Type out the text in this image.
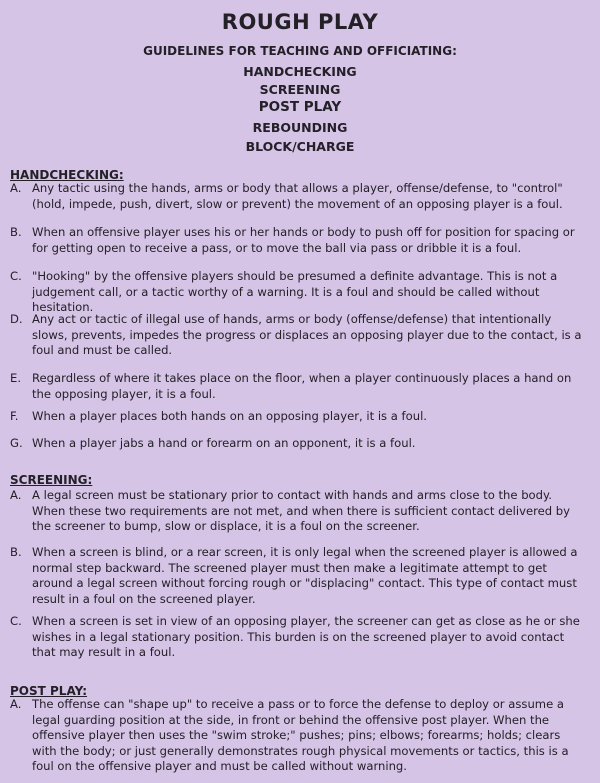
ROUGH PLAY
GUIDELINES FOR TEACHING AND OFFICIATING:
HANDCHECKING
SCREENING
POST PLAY
REBOUNDING
BLOCK/CHARGE
HANDCHECKING:
A. Any tactic using the hands, arms or body that allows a player, offense/defense, to "control" (hold, impede, push, divert, slow or prevent) the movement of an opposing player is a foul.
B. When an offensive player uses his or her hands or body to push off for position for spacing or for getting open to receive a pass, or to move the ball via pass or dribble it is a foul.
C. "Hooking" by the offensive players should be presumed a definite advantage. This is not a judgement call, or a tactic worthy of a warning. It is a foul and should be called without hesitation.
D. Any act or tactic of illegal use of hands, arms or body (offense/defense) that intentionally slows, prevents, impedes the progress or displaces an opposing player due to the contact, is a foul and must be called.
E. Regardless of where it takes place on the floor, when a player continuously places a hand on the opposing player, it is a foul.
F.	When a player places both hands on an opposing player, it is a foul.
G. When a player jabs a hand or forearm on an opponent, it is a foul.
SCREENING:
A. A legal screen must be stationary prior to contact with hands and arms close to the body. When these two requirements are not met, and when there is sufficient contact delivered by the screener to bump, slow or displace, it is a foul on the screener.
B. When a screen is blind, or a rear screen, it is only legal when the screened player is allowed a normal step backward. The screened player must then make a legitimate attempt to get around a legal screen without forcing rough or "displacing" contact. This type of contact must result in a foul on the screened player.
C. When a screen is set in view of an opposing player, the screener can get as close as he or she wishes in a legal stationary position. This burden is on the screened player to avoid contact that may result in a foul.
POST PLAY:
A. The offense can "shape up" to receive a pass or to force the defense to deploy or assume a legal guarding position at the side, in front or behind the offensive post player. When the offensive player then uses the "swim stroke;" pushes; pins; elbows; forearms; holds; clears with the body; or just generally demonstrates rough physical movements or tactics, this is a foul on the offensive player and must be called without warning.
